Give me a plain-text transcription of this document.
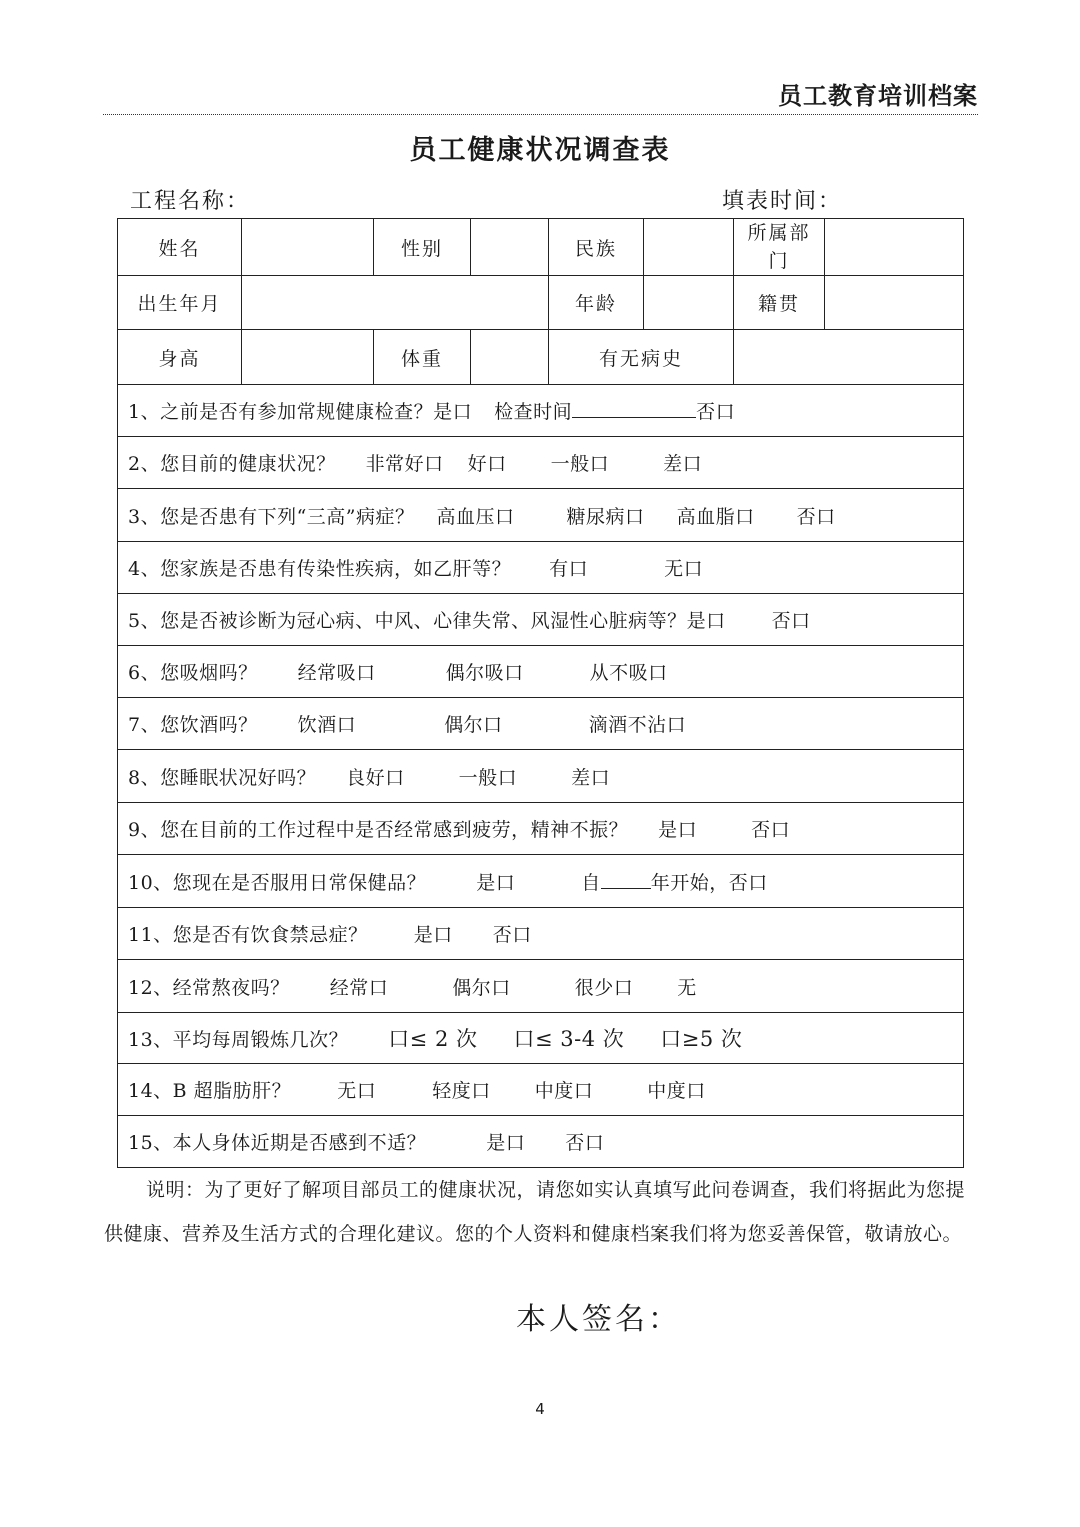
员工教育培训档案
员工健康状况调查表
工程名称：	填表时间：
姓名		性别		民族		所属部门	
出生年月				年龄		籍贯	
身高		体重		有无病史			
1、之前是否有参加常规健康检查？是口 检查时间 否口							
2、您目前的健康状况？ 非常好口 好口 一般口 差口							
3、您是否患有下列“三高”病症？ 高血压口 糖尿病口 高血脂口 否口							
4、您家族是否患有传染性疾病，如乙肝等？ 有口 无口							
5、您是否被诊断为冠心病、中风、心律失常、风湿性心脏病等？是口 否口							
6、您吸烟吗？ 经常吸口 偶尔吸口 从不吸口							
7、您饮酒吗？ 饮酒口 偶尔口 滴酒不沾口							
8、您睡眠状况好吗？ 良好口 一般口 差口							
9、您在目前的工作过程中是否经常感到疲劳，精神不振？ 是口 否口							
10、您现在是否服用日常保健品？ 是口 自 年开始，否口							
11、您是否有饮食禁忌症？ 是口 否口							
12、经常熬夜吗？ 经常口 偶尔口 很少口 无							
13、平均每周锻炼几次？ 口≤ 2 次 口≤ 3-4 次 口≥5 次							
14、B 超脂肪肝？ 无口 轻度口 中度口 中度口							
15、本人身体近期是否感到不适？ 是口 否口							
说明：为了更好了解项目部员工的健康状况，请您如实认真填写此问卷调查，我们将据此为您提供健康、营养及生活方式的合理化建议。您的个人资料和健康档案我们将为您妥善保管，敬请放心。
本人签名：
4
